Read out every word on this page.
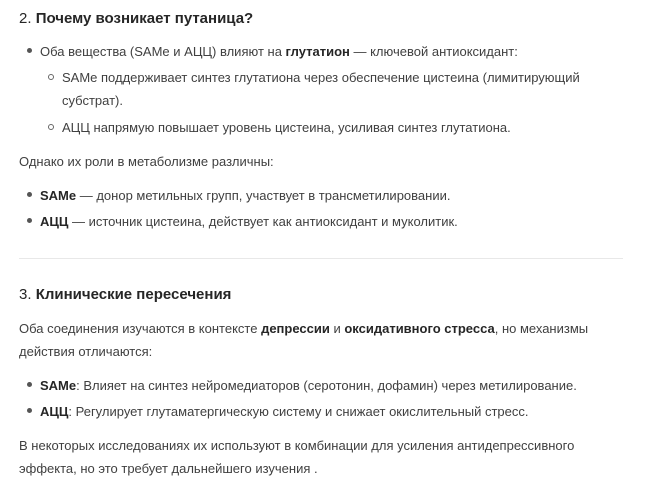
2. Почему возникает путаница?

Оба вещества (SAMe и АЦЦ) влияют на глутатион — ключевой антиоксидант:

SAMe поддерживает синтез глутатиона через обеспечение цистеина (лимитирующий субстрат).

АЦЦ напрямую повышает уровень цистеина, усиливая синтез глутатиона.

Однако их роли в метаболизме различны:

SAMe — донор метильных групп, участвует в трансметилировании.

АЦЦ — источник цистеина, действует как антиоксидант и муколитик.

3. Клинические пересечения

Оба соединения изучаются в контексте депрессии и оксидативного стресса, но механизмы действия отличаются:

SAMe: Влияет на синтез нейромедиаторов (серотонин, дофамин) через метилирование.

АЦЦ: Регулирует глутаматергическую систему и снижает окислительный стресс.

В некоторых исследованиях их используют в комбинации для усиления антидепрессивного эффекта, но это требует дальнейшего изучения .
